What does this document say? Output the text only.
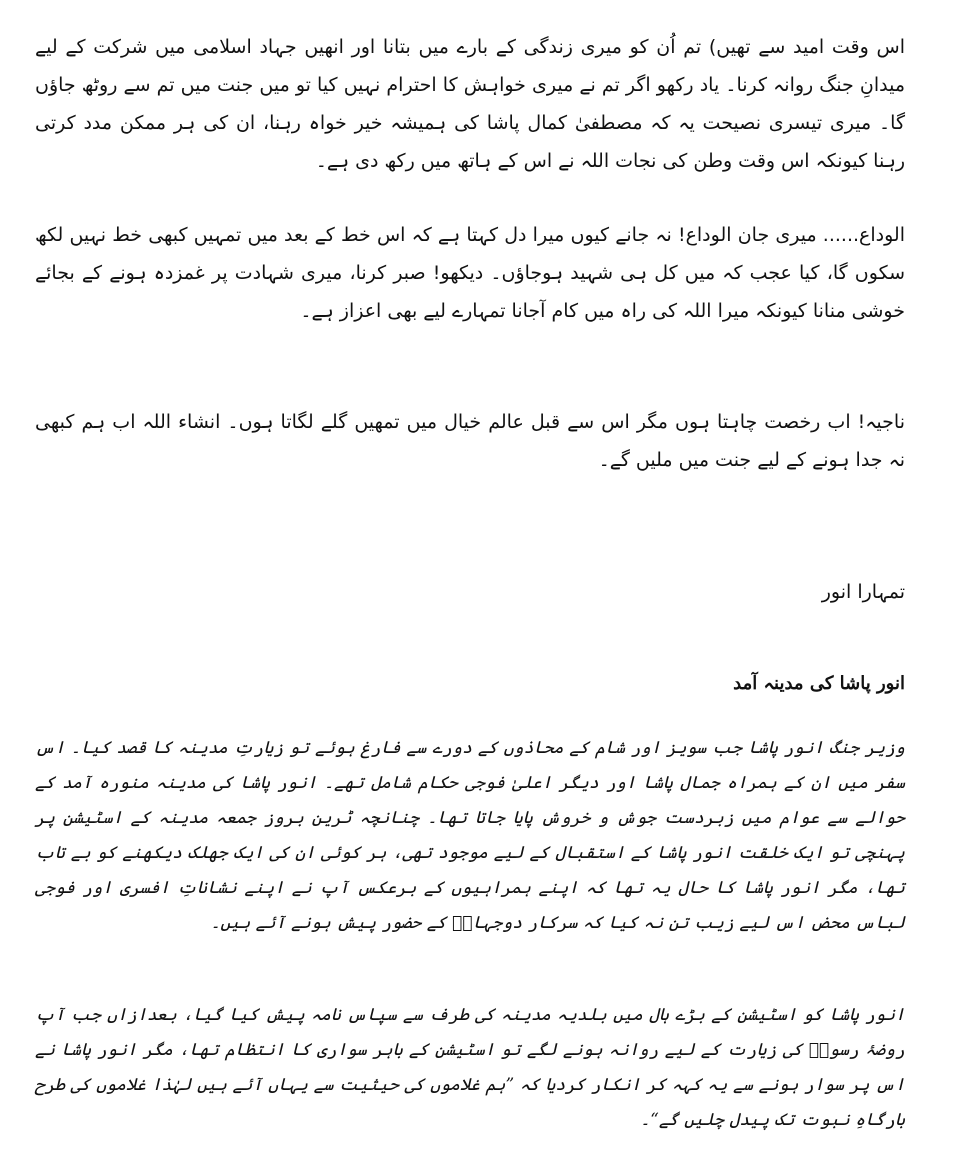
اس وقت امید سے تھیں) تم اُن کو میری زندگی کے بارے میں بتانا اور انھیں جہاد اسلامی میں شرکت کے لیے میدانِ جنگ روانہ کرنا۔ یاد رکھو اگر تم نے میری خواہش کا احترام نہیں کیا تو میں جنت میں تم سے روٹھ جاؤں گا۔ میری تیسری نصیحت یہ کہ مصطفیٰ کمال پاشا کی ہمیشہ خیر خواہ رہنا، ان کی ہر ممکن مدد کرتی رہنا کیونکہ اس وقت وطن کی نجات اللہ نے اس کے ہاتھ میں رکھ دی ہے۔

الوداع...... میری جان الوداع! نہ جانے کیوں میرا دل کہتا ہے کہ اس خط کے بعد میں تمہیں کبھی خط نہیں لکھ سکوں گا، کیا عجب کہ میں کل ہی شہید ہوجاؤں۔ دیکھو! صبر کرنا، میری شہادت پر غمزدہ ہونے کے بجائے خوشی منانا کیونکہ میرا اللہ کی راہ میں کام آجانا تمہارے لیے بھی اعزاز ہے۔

ناجیہ! اب رخصت چاہتا ہوں مگر اس سے قبل عالم خیال میں تمھیں گلے لگاتا ہوں۔ انشاء اللہ اب ہم کبھی نہ جدا ہونے کے لیے جنت میں ملیں گے۔

تمہارا انور

انور پاشا کی مدینہ آمد

وزیر جنگ انور پاشا جب سویز اور شام کے محاذوں کے دورے سے فارغ ہوئے تو زیارتِ مدینہ کا قصد کیا۔ اس سفر میں ان کے ہمراہ جمال پاشا اور دیگر اعلیٰ فوجی حکام شامل تھے۔ انور پاشا کی مدینہ منورہ آمد کے حوالے سے عوام میں زبردست جوش و خروش پایا جاتا تھا۔ چنانچہ ٹرین بروز جمعہ مدینہ کے اسٹیشن پر پہنچی تو ایک خلقت انور پاشا کے استقبال کے لیے موجود تھی، ہر کوئی ان کی ایک جھلک دیکھنے کو بے تاب تھا، مگر انور پاشا کا حال یہ تھا کہ اپنے ہمراہیوں کے برعکس آپ نے اپنے نشاناتِ افسری اور فوجی لباس محض اس لیے زیب تن نہ کیا کہ سرکار دوجہاںؐ کے حضور پیش ہونے آئے ہیں۔

انور پاشا کو اسٹیشن کے بڑے ہال میں بلدیہ مدینہ کی طرف سے سپاس نامہ پیش کیا گیا، بعدازاں جب آپ روضۂ رسولؐ کی زیارت کے لیے روانہ ہونے لگے تو اسٹیشن کے باہر سواری کا انتظام تھا، مگر انور پاشا نے اس پر سوار ہونے سے یہ کہہ کر انکار کردیا کہ ”ہم غلاموں کی حیثیت سے یہاں آئے ہیں لہٰذا غلاموں کی طرح بارگاہِ نبوت تک پیدل چلیں گے“۔
